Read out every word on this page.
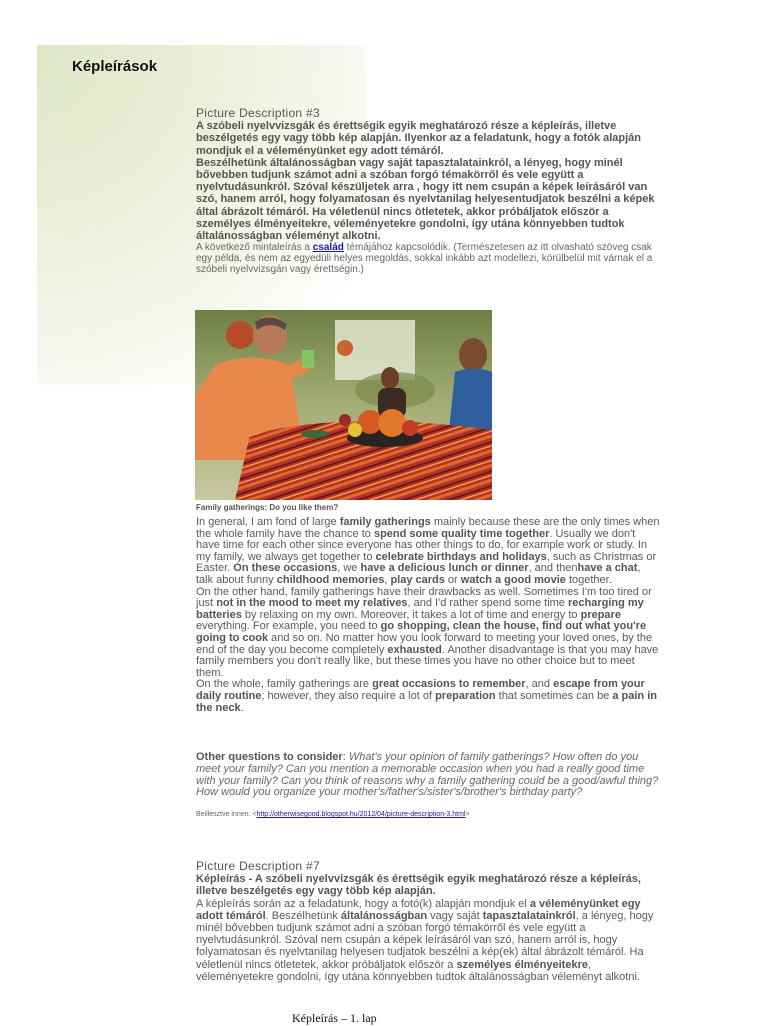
Képleírások
Picture Description #3
A szóbeli nyelvvizsgák és érettségik egyik meghatározó része a képleírás, illetve beszélgetés egy vagy több kép alapján. Ilyenkor az a feladatunk, hogy a fotók alapján mondjuk el a véleményünket egy adott témáról.
Beszélhetünk általánosságban vagy saját tapasztalatainkról, a lényeg, hogy minél bővebben tudjunk számot adni a szóban forgó témakörről és vele együtt a nyelvtudásunkról. Szóval készüljetek arra , hogy itt nem csupán a képek leírásáról van szó, hanem arról, hogy folyamatosan és nyelvtanilag helyesentudjatok beszélni a képek által ábrázolt témáról. Ha véletlenül nincs ötletetek, akkor próbáljatok először a személyes élményeitekre, véleményetekre gondolni, így utána könnyebben tudtok általánosságban véleményt alkotni.
A következő mintaleírás a család témájához kapcsolódik. (Természetesen az itt olvasható szöveg csak egy példa, és nem az egyedüli helyes megoldás, sokkal inkább azt modellezi, körülbelül mit várnak el a szóbeli nyelvvizsgán vagy érettségin.)
Family gatherings: Do you like them?

In general, I am fond of large family gatherings mainly because these are the only times when the whole family have the chance to spend some quality time together. Usually we don't have time for each other since everyone has other things to do, for example work or study. In my family, we always get together to celebrate birthdays and holidays, such as Christmas or Easter. On these occasions, we have a delicious lunch or dinner, and thenhave a chat, talk about funny childhood memories, play cards or watch a good movie together.

On the other hand, family gatherings have their drawbacks as well. Sometimes I'm too tired or just not in the mood to meet my relatives, and I'd rather spend some time recharging my batteries by relaxing on my own. Moreover, it takes a lot of time and energy to prepare everything. For example, you need to go shopping, clean the house, find out what you're going to cook and so on. No matter how you look forward to meeting your loved ones, by the end of the day you become completely exhausted. Another disadvantage is that you may have family members you don't really like, but these times you have no other choice but to meet them.

On the whole, family gatherings are great occasions to remember, and escape from your daily routine; however, they also require a lot of preparation that sometimes can be a pain in the neck.

Other questions to consider: What's your opinion of family gatherings? How often do you meet your family? Can you mention a memorable occasion when you had a really good time with your family? Can you think of reasons why a family gathering could be a good/awful thing? How would you organize your mother's/father's/sister's/brother's birthday party?
Beillesztve innen: <http://otherwisegood.blogspot.hu/2012/04/picture-description-3.html>
Picture Description #7
Képleírás - A szóbeli nyelvvizsgák és érettségik egyik meghatározó része a képleírás, illetve beszélgetés egy vagy több kép alapján.
A képleírás során az a feladatunk, hogy a fotó(k) alapján mondjuk el a véleményünket egy adott témáról. Beszélhetünk általánosságban vagy saját tapasztalatainkról, a lényeg, hogy minél bővebben tudjunk számot adni a szóban forgó témakörről és vele együtt a nyelvtudásunkról. Szóval nem csupán a képek leírásáról van szó, hanem arról is, hogy folyamatosan és nyelvtanilag helyesen tudjatok beszélni a kép(ek) által ábrázolt témáról. Ha véletlenül nincs ötletetek, akkor próbáljatok először a személyes élményeitekre, véleményetekre gondolni, így utána könnyebben tudtok általánosságban véleményt alkotni.
Képleírás – 1. lap
